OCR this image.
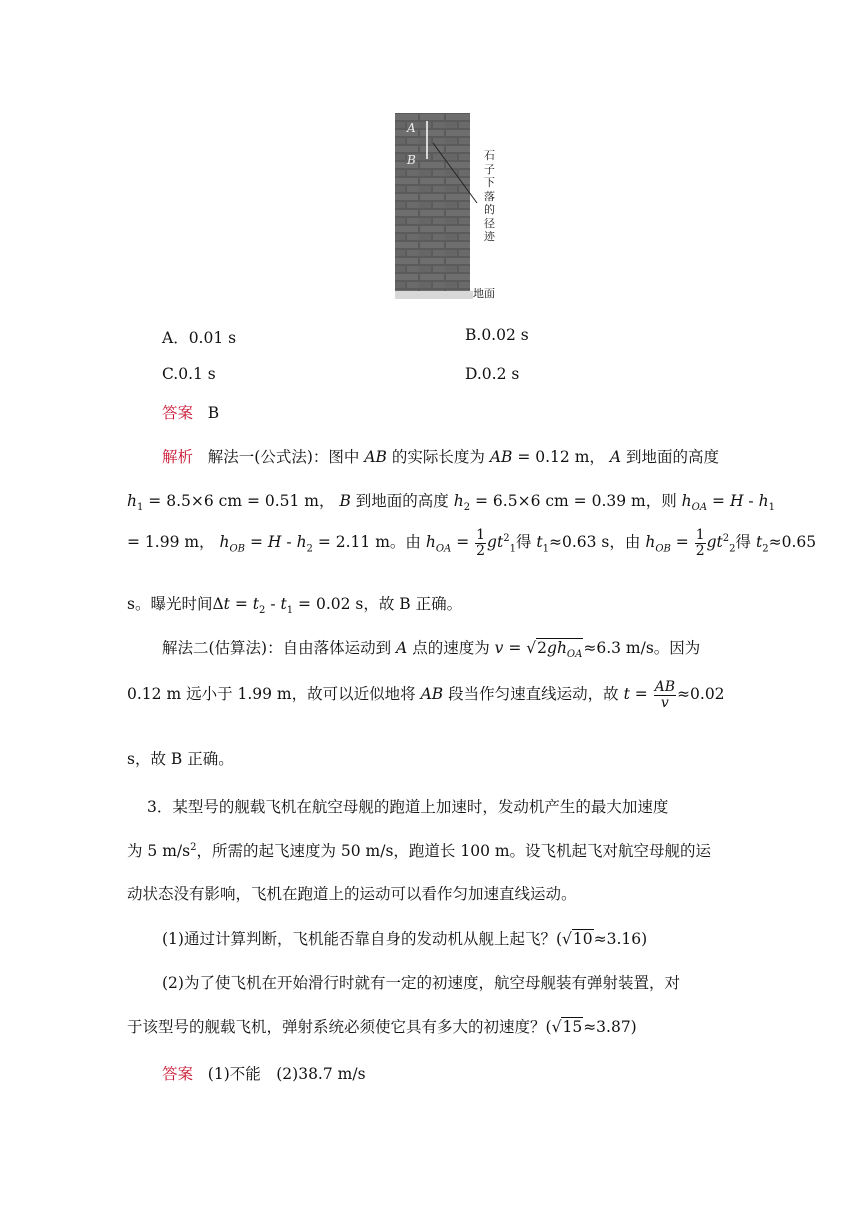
A
B	石
子
下
落
的
径
迹
地面
A．0.01 s	B.0.02 s
C.0.1 s	D.0.2 s
答案 B
解析 解法一(公式法)：图中 AB 的实际长度为 AB = 0.12 m， A 到地面的高度
$h_1 = 8.5\times 6$ cm = 0.51 m， B 到地面的高度 $h_2 = 6.5\times 6$ cm = 0.39 m，则 $h_{OA} = H - h_1$
= 1.99 m， $h_{OB} = H - h_2 = 2.11$ m。由 $h_{OA} = \frac{1}{2} gt^2_1$得 $t_1\approx 0.63$ s，由 $h_{OB} = \frac{1}{2} gt^2_2$得 $t_2\approx 0.65$
s。曝光时间$\Delta t = t_2 - t_1 = 0.02$ s，故 B 正确。
解法二(估算法)：自由落体运动到 A 点的速度为 $v = √2gh_{OA}\approx 6.3$ m/s。因为
0.12 m 远小于 1.99 m，故可以近似地将 AB 段当作匀速直线运动，故 $t = \frac{AB}{v} \approx 0.02$
s，故 B 正确。
3．某型号的舰载飞机在航空母舰的跑道上加速时，发动机产生的最大加速度
为 5 $m/s^2$，所需的起飞速度为 50 m/s，跑道长 100 m。设飞机起飞对航空母舰的运
动状态没有影响，飞机在跑道上的运动可以看作匀加速直线运动。
(1)通过计算判断，飞机能否靠自身的发动机从舰上起飞？(√10≈3.16)
(2)为了使飞机在开始滑行时就有一定的初速度，航空母舰装有弹射装置，对
于该型号的舰载飞机，弹射系统必须使它具有多大的初速度？(√15≈3.87)
答案 (1)不能　(2)38.7 m/s
